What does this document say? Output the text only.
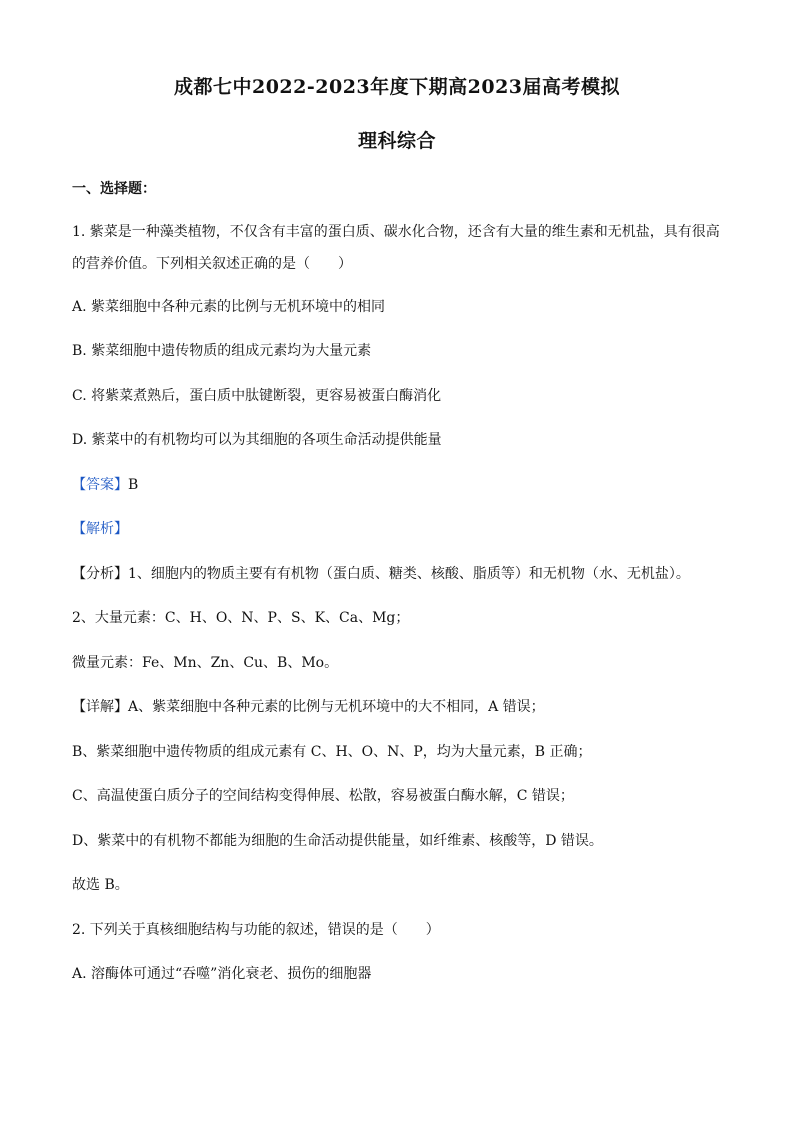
成都七中2022-2023年度下期高2023届高考模拟
理科综合
一、选择题：
1. 紫菜是一种藻类植物，不仅含有丰富的蛋白质、碳水化合物，还含有大量的维生素和无机盐，具有很高
的营养价值。下列相关叙述正确的是（　　）
A. 紫菜细胞中各种元素的比例与无机环境中的相同
B. 紫菜细胞中遗传物质的组成元素均为大量元素
C. 将紫菜煮熟后，蛋白质中肽键断裂，更容易被蛋白酶消化
D. 紫菜中的有机物均可以为其细胞的各项生命活动提供能量
【答案】B
【解析】
【分析】1、细胞内的物质主要有有机物（蛋白质、糖类、核酸、脂质等）和无机物（水、无机盐）。
2、大量元素：C、H、O、N、P、S、K、Ca、Mg；
微量元素：Fe、Mn、Zn、Cu、B、Mo。
【详解】A、紫菜细胞中各种元素的比例与无机环境中的大不相同，A 错误；
B、紫菜细胞中遗传物质的组成元素有 C、H、O、N、P，均为大量元素，B 正确；
C、高温使蛋白质分子的空间结构变得伸展、松散，容易被蛋白酶水解，C 错误；
D、紫菜中的有机物不都能为细胞的生命活动提供能量，如纤维素、核酸等，D 错误。
故选 B。
2. 下列关于真核细胞结构与功能的叙述，错误的是（　　）
A. 溶酶体可通过“吞噬”消化衰老、损伤的细胞器
